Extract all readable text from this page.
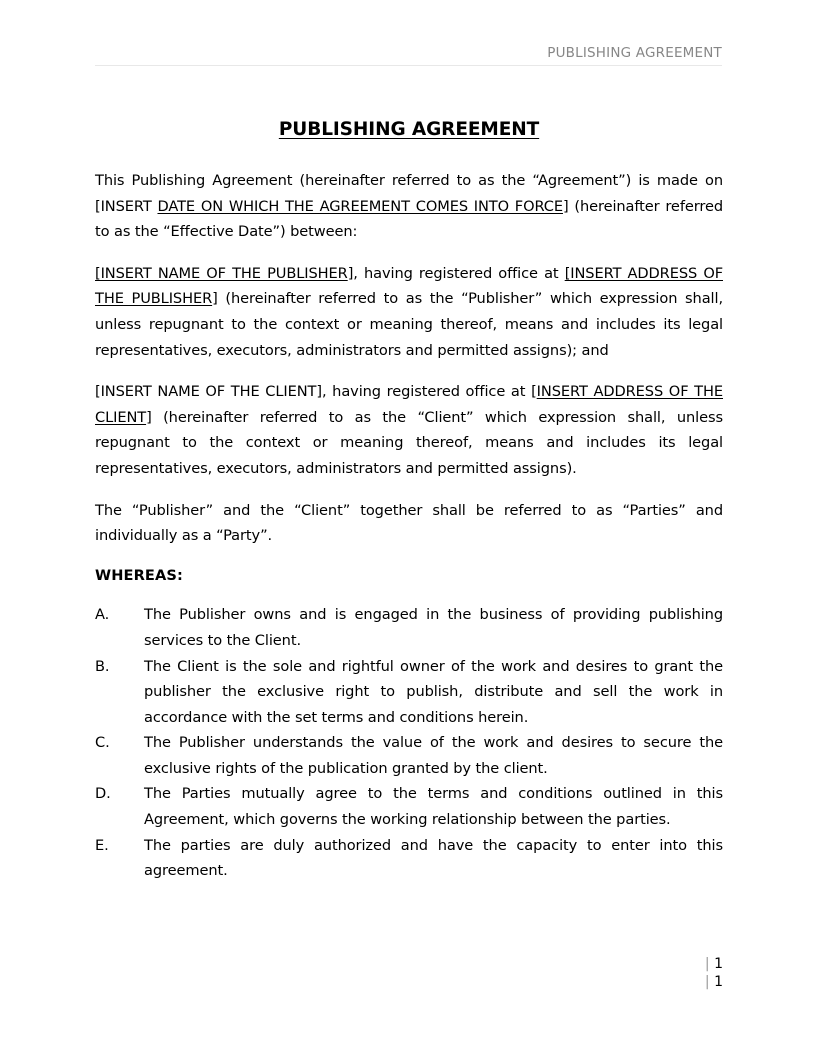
PUBLISHING AGREEMENT
PUBLISHING AGREEMENT

This Publishing Agreement (hereinafter referred to as the “Agreement”) is made on [INSERT DATE ON WHICH THE AGREEMENT COMES INTO FORCE] (hereinafter referred to as the “Effective Date”) between:

[INSERT NAME OF THE PUBLISHER], having registered office at [INSERT ADDRESS OF THE PUBLISHER] (hereinafter referred to as the “Publisher” which expression shall, unless repugnant to the context or meaning thereof, means and includes its legal representatives, executors, administrators and permitted assigns); and

[INSERT NAME OF THE CLIENT], having registered office at [INSERT ADDRESS OF THE CLIENT] (hereinafter referred to as the “Client” which expression shall, unless repugnant to the context or meaning thereof, means and includes its legal representatives, executors, administrators and permitted assigns).

The “Publisher” and the “Client” together shall be referred to as “Parties” and individually as a “Party”.

WHEREAS:

A.	The Publisher owns and is engaged in the business of providing publishing services to the Client.
B.	The Client is the sole and rightful owner of the work and desires to grant the publisher the exclusive right to publish, distribute and sell the work in accordance with the set terms and conditions herein.
C.	The Publisher understands the value of the work and desires to secure the exclusive rights of the publication granted by the client.
D.	The Parties mutually agree to the terms and conditions outlined in this Agreement, which governs the working relationship between the parties.
E.	The parties are duly authorized and have the capacity to enter into this agreement.
| 1
| 1
